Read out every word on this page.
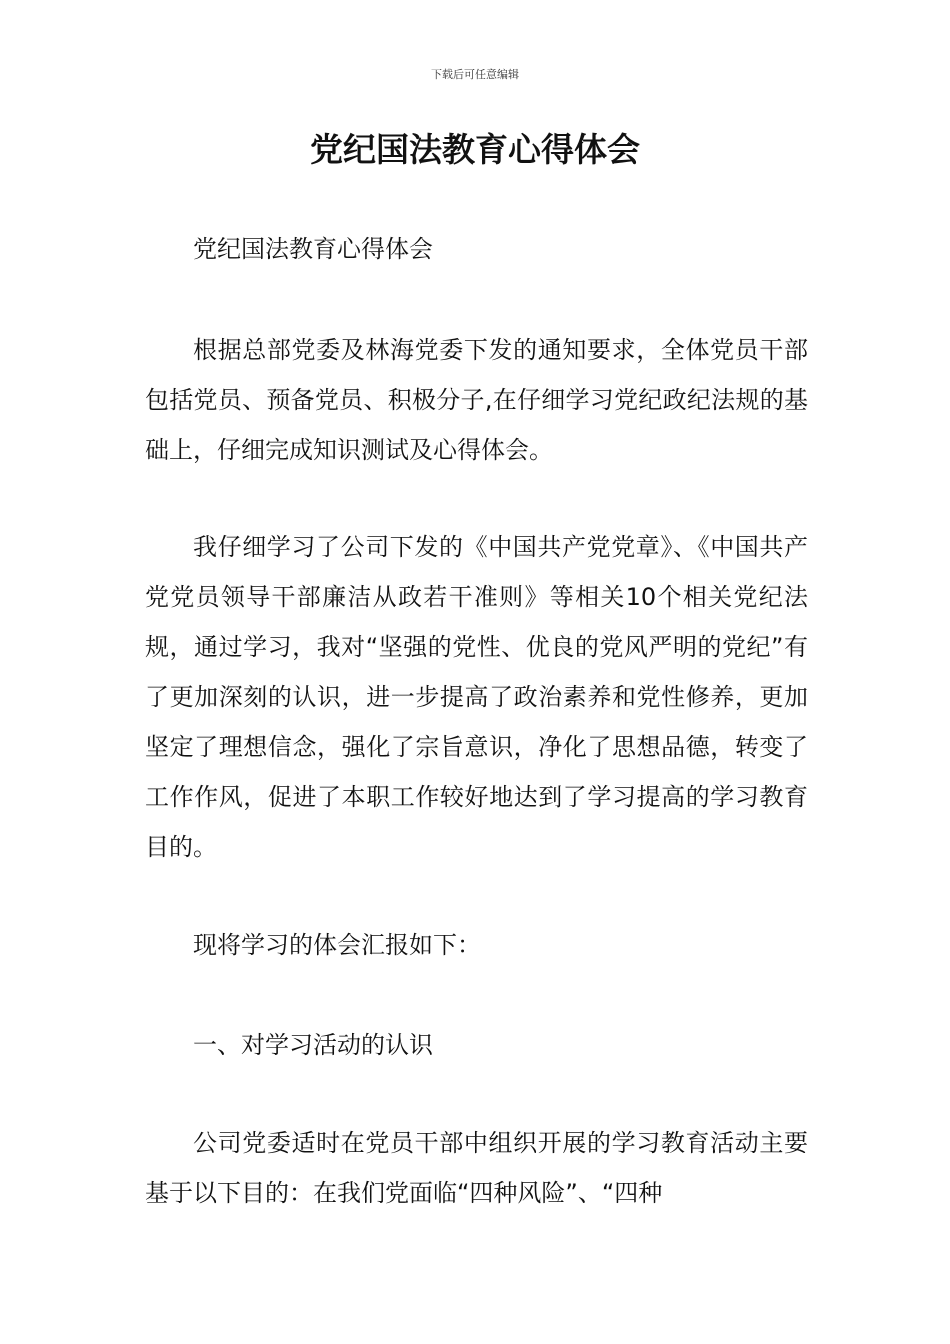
下载后可任意编辑
党纪国法教育心得体会

党纪国法教育心得体会

根据总部党委及林海党委下发的通知要求，全体党员干部包括党员、预备党员、积极分子,在仔细学习党纪政纪法规的基础上，仔细完成知识测试及心得体会。

我仔细学习了公司下发的《中国共产党党章》、《中国共产党党员领导干部廉洁从政若干准则》等相关10个相关党纪法规，通过学习，我对“坚强的党性、优良的党风严明的党纪”有了更加深刻的认识，进一步提高了政治素养和党性修养，更加坚定了理想信念，强化了宗旨意识，净化了思想品德，转变了工作作风，促进了本职工作较好地达到了学习提高的学习教育目的。

现将学习的体会汇报如下：

一、对学习活动的认识

公司党委适时在党员干部中组织开展的学习教育活动主要基于以下目的：在我们党面临“四种风险”、“四种
